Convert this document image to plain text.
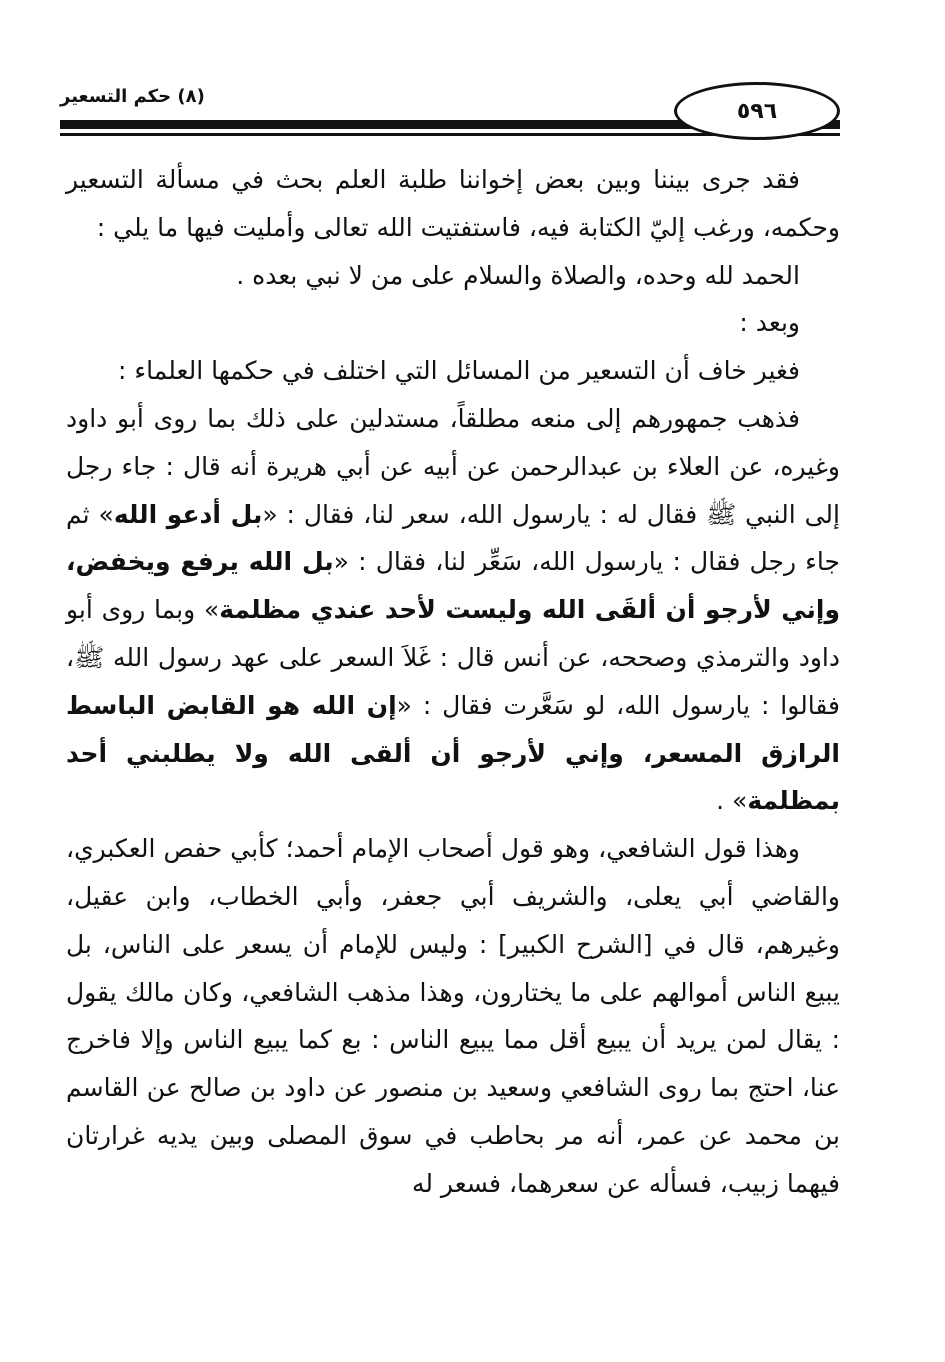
(٨) حكم التسعير
٥٩٦

فقد جرى بيننا وبين بعض إخواننا طلبة العلم بحث في مسألة التسعير وحكمه، ورغب إليّ الكتابة فيه، فاستفتيت الله تعالى وأمليت فيها ما يلي :

الحمد لله وحده، والصلاة والسلام على من لا نبي بعده .

وبعد :

فغير خاف أن التسعير من المسائل التي اختلف في حكمها العلماء :

فذهب جمهورهم إلى منعه مطلقاً، مستدلين على ذلك بما روى أبو داود وغيره، عن العلاء بن عبدالرحمن عن أبيه عن أبي هريرة أنه قال : جاء رجل إلى النبي ﷺ فقال له : يارسول الله، سعر لنا، فقال : «بل أدعو الله» ثم جاء رجل فقال : يارسول الله، سَعِّر لنا، فقال : «بل الله يرفع ويخفض، وإني لأرجو أن ألقَى الله وليست لأحد عندي مظلمة» وبما روى أبو داود والترمذي وصححه، عن أنس قال : غَلاَ السعر على عهد رسول الله ﷺ، فقالوا : يارسول الله، لو سَعَّرت فقال : «إن الله هو القابض الباسط الرازق المسعر، وإني لأرجو أن ألقى الله ولا يطلبني أحد بمظلمة» .

وهذا قول الشافعي، وهو قول أصحاب الإمام أحمد؛ كأبي حفص العكبري، والقاضي أبي يعلى، والشريف أبي جعفر، وأبي الخطاب، وابن عقيل، وغيرهم، قال في [الشرح الكبير] : وليس للإمام أن يسعر على الناس، بل يبيع الناس أموالهم على ما يختارون، وهذا مذهب الشافعي، وكان مالك يقول : يقال لمن يريد أن يبيع أقل مما يبيع الناس : بع كما يبيع الناس وإلا فاخرج عنا، احتج بما روى الشافعي وسعيد بن منصور عن داود بن صالح عن القاسم بن محمد عن عمر، أنه مر بحاطب في سوق المصلى وبين يديه غرارتان فيهما زبيب، فسأله عن سعرهما، فسعر له
